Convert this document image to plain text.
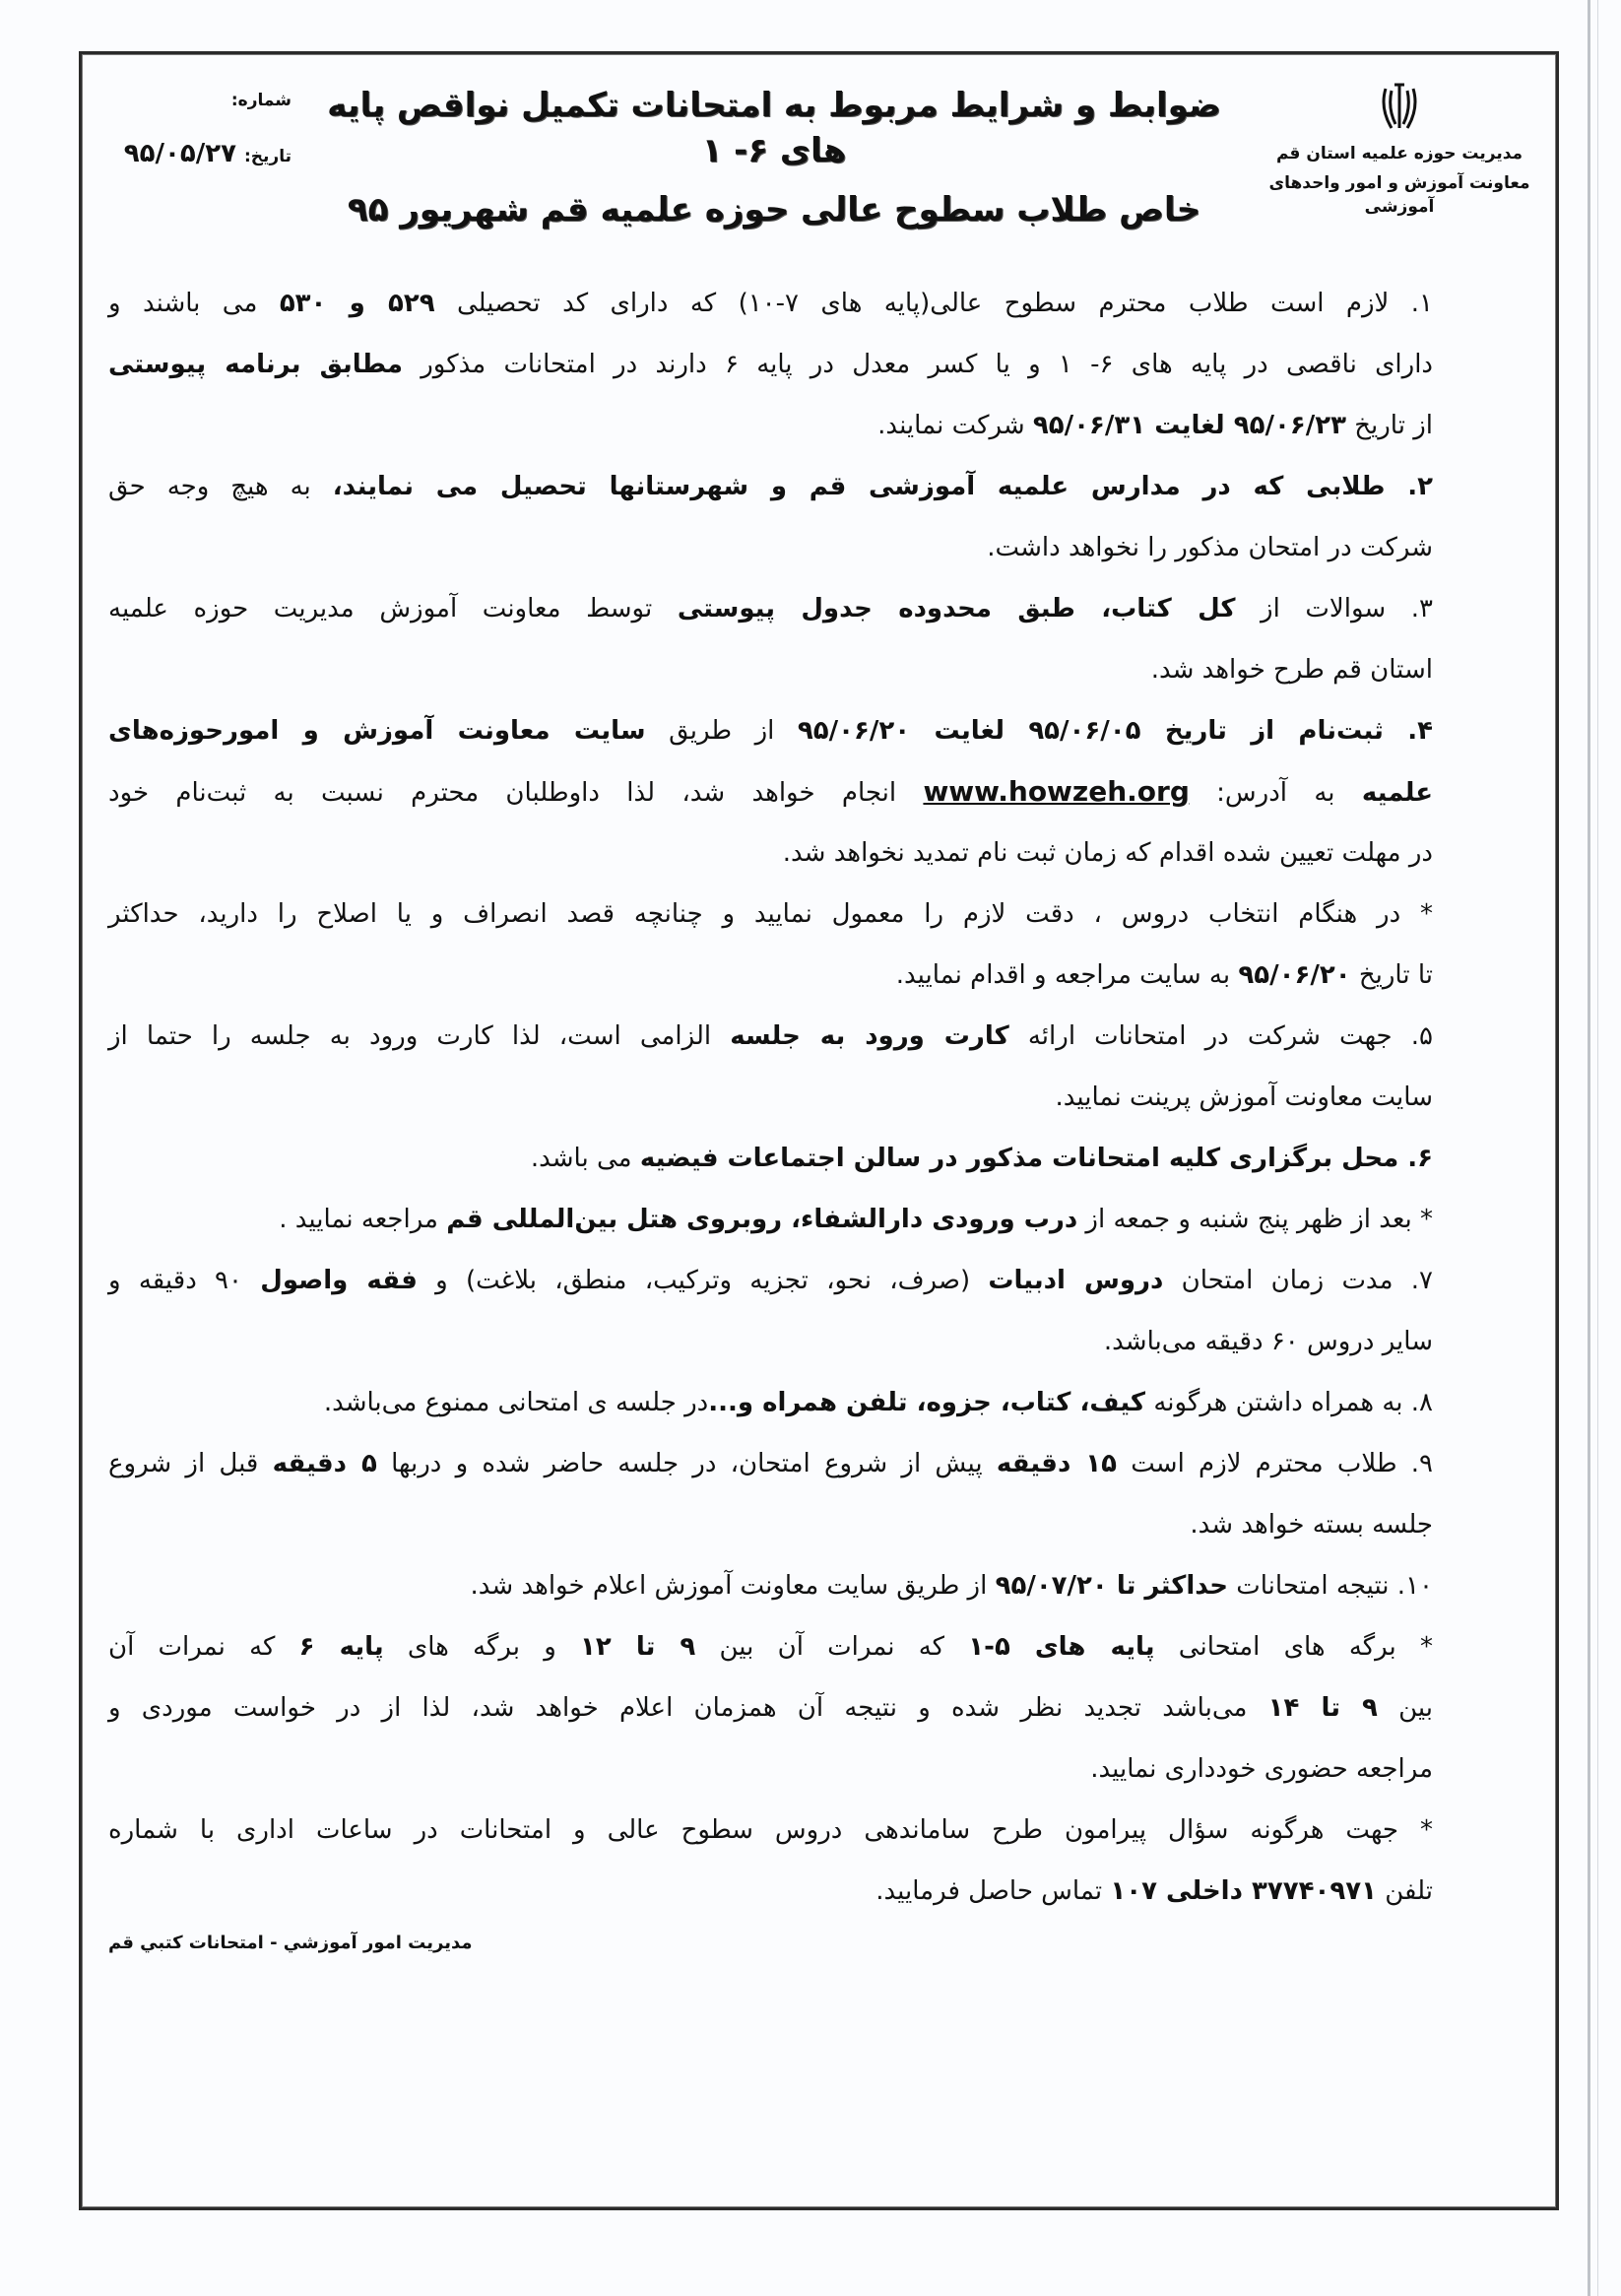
مدیریت حوزه علمیه استان قم
معاونت آموزش و امور واحدهای آموزشی
ضوابط و شرایط مربوط به امتحانات تکمیل نواقص پایه های ۶- ۱
خاص طلاب سطوح عالی حوزه علمیه قم شهریور ۹۵
شماره:
تاریخ:
۹۵/۰۵/۲۷
۱. لازم است طلاب محترم سطوح عالی(پایه های ۷-۱۰) که دارای کد تحصیلی ۵۲۹ و ۵۳۰ می باشند و
دارای ناقصی در پایه های ۶- ۱ و یا کسر معدل در پایه ۶ دارند در امتحانات مذکور مطابق برنامه پیوستی
از تاریخ ۹۵/۰۶/۲۳ لغایت ۹۵/۰۶/۳۱ شرکت نمایند.
۲. طلابی که در مدارس علمیه آموزشی قم و شهرستانها تحصیل می نمایند، به هیچ وجه حق
شرکت در امتحان مذکور را نخواهد داشت.
۳. سوالات از کل کتاب، طبق محدوده جدول پیوستی توسط معاونت آموزش مدیریت حوزه علمیه
استان قم طرح خواهد شد.
۴. ثبت‌نام از تاریخ ۹۵/۰۶/۰۵ لغایت ۹۵/۰۶/۲۰ از طریق سایت معاونت آموزش و امورحوزه‌های
علمیه به آدرس: www.howzeh.org انجام خواهد شد، لذا داوطلبان محترم نسبت به ثبت‌نام خود
در مهلت تعیین شده اقدام که زمان ثبت نام تمدید نخواهد شد.
* در هنگام انتخاب دروس ، دقت لازم را معمول نمایید و چنانچه قصد انصراف و یا اصلاح را دارید، حداکثر
تا تاریخ ۹۵/۰۶/۲۰ به سایت مراجعه و اقدام نمایید.
۵. جهت شرکت در امتحانات ارائه کارت ورود به جلسه الزامی است، لذا کارت ورود به جلسه را حتما از
سایت معاونت آموزش پرینت نمایید.
۶. محل برگزاری کلیه امتحانات مذکور در سالن اجتماعات فیضیه می باشد.
* بعد از ظهر پنج شنبه و جمعه از درب ورودی دارالشفاء، روبروی هتل بین‌المللی قم مراجعه نمایید .
۷. مدت زمان امتحان دروس ادبیات (صرف، نحو، تجزیه وترکیب، منطق، بلاغت) و فقه واصول ۹۰ دقیقه و
سایر دروس ۶۰ دقیقه می‌باشد.
۸. به همراه داشتن هرگونه کیف، کتاب، جزوه، تلفن همراه و...در جلسه ی امتحانی ممنوع می‌باشد.
۹. طلاب محترم لازم است ۱۵ دقیقه پیش از شروع امتحان، در جلسه حاضر شده و دربها ۵ دقیقه قبل از شروع
جلسه بسته خواهد شد.
۱۰. نتیجه امتحانات حداکثر تا ۹۵/۰۷/۲۰ از طریق سایت معاونت آموزش اعلام خواهد شد.
* برگه های امتحانی پایه های ۵-۱ که نمرات آن بین ۹ تا ۱۲ و برگه های پایه ۶ که نمرات آن
بین ۹ تا ۱۴ می‌باشد تجدید نظر شده و نتیجه آن همزمان اعلام خواهد شد، لذا از در خواست موردی و
مراجعه حضوری خودداری نمایید.
* جهت هرگونه سؤال پیرامون طرح ساماندهی دروس سطوح عالی و امتحانات در ساعات اداری با شماره
تلفن ۳۷۷۴۰۹۷۱ داخلی ۱۰۷ تماس حاصل فرمایید.
مدیریت امور آموزشي - امتحانات کتبي قم
